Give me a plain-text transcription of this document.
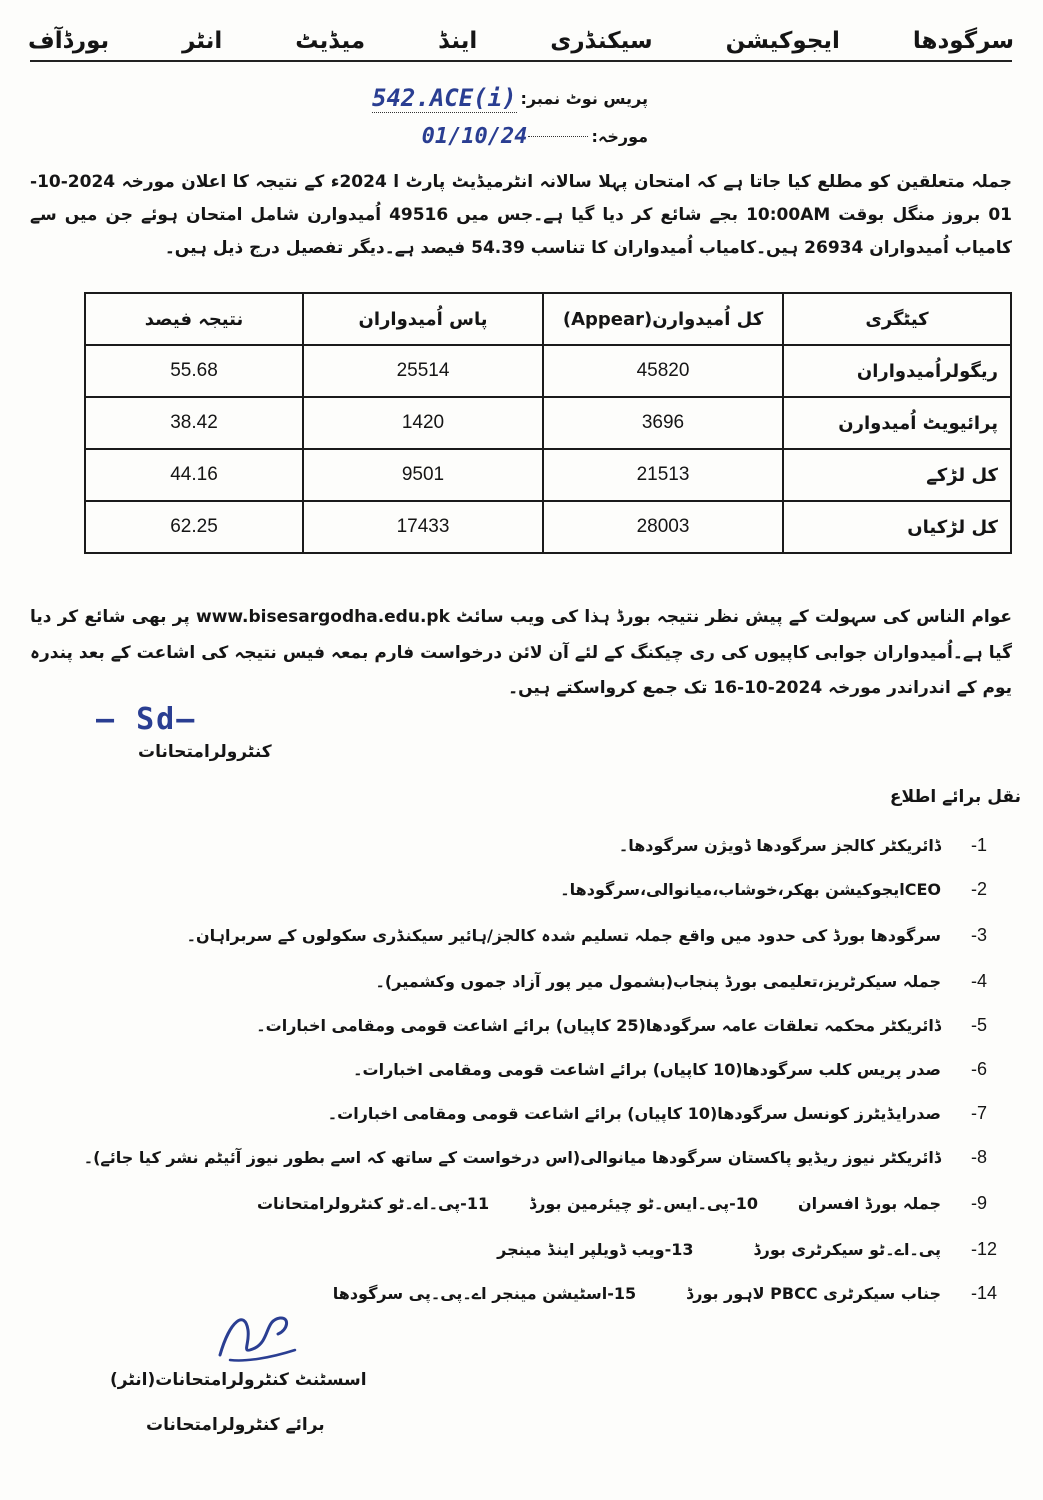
بورڈآف	انٹر	میڈیٹ	اینڈ	سیکنڈری	ایجوکیشن	سرگودھا
پریس نوٹ نمبر:
542.ACE(i)
مورخہ:
01/10/24
جملہ متعلقین کو مطلع کیا جاتا ہے کہ امتحان پہلا سالانہ انٹرمیڈیٹ پارٹ ا 2024ء کے نتیجہ کا اعلان مورخہ 2024-10-01 بروز منگل بوقت 10:00AM بجے شائع کر دیا گیا ہے۔جس میں 49516 اُمیدوارن شامل امتحان ہوئے جن میں سے کامیاب اُمیدواران 26934 ہیں۔کامیاب اُمیدواران کا تناسب 54.39 فیصد ہے۔دیگر تفصیل درج ذیل ہیں۔
کیٹگری	کل اُمیدوارن(Appear)	پاس اُمیدواران	نتیجہ فیصد
ریگولراُمیدواران	45820	25514	55.68
پرائیویٹ اُمیدوارن	3696	1420	38.42
کل لڑکے	21513	9501	44.16
کل لڑکیاں	28003	17433	62.25
عوام الناس کی سہولت کے پیش نظر نتیجہ بورڈ ہذا کی ویب سائٹ www.bisesargodha.edu.pk پر بھی شائع کر دیا گیا ہے۔اُمیدواران جوابی کاپیوں کی ری چیکنگ کے لئے آن لائن درخواست فارم بمعہ فیس نتیجہ کی اشاعت کے بعد پندرہ یوم کے اندراندر مورخہ 2024-10-16 تک جمع کرواسکتے ہیں۔
— Sd—
کنٹرولرامتحانات
نقل برائے اطلاع
-1
ڈائریکٹر کالجز سرگودھا ڈویژن سرگودھا۔
-2
CEOایجوکیشن بھکر،خوشاب،میانوالی،سرگودھا۔
-3
سرگودھا بورڈ کی حدود میں واقع جملہ تسلیم شدہ کالجز/ہائیر سیکنڈری سکولوں کے سربراہان۔
-4
جملہ سیکرٹریز،تعلیمی بورڈ پنجاب(بشمول میر پور آزاد جموں وکشمیر)۔
-5
ڈائریکٹر محکمہ تعلقات عامہ سرگودھا(25 کاپیاں) برائے اشاعت قومی ومقامی اخبارات۔
-6
صدر پریس کلب سرگودھا(10 کاپیاں) برائے اشاعت قومی ومقامی اخبارات۔
-7
صدرایڈیٹرز کونسل سرگودھا(10 کاپیاں) برائے اشاعت قومی ومقامی اخبارات۔
-8
ڈائریکٹر نیوز ریڈیو پاکستان سرگودھا میانوالی(اس درخواست کے ساتھ کہ اسے بطور نیوز آئیٹم نشر کیا جائے)۔
-9
جملہ بورڈ افسران
10-پی۔ایس۔ٹو چیئرمین بورڈ
11-پی۔اے۔ٹو کنٹرولرامتحانات
-12
پی۔اے۔ٹو سیکرٹری بورڈ
13-ویب ڈویلپر اینڈ مینجر
-14
جناب سیکرٹری PBCC لاہور بورڈ
15-اسٹیشن مینجر اے۔پی۔پی سرگودھا
اسسٹنٹ کنٹرولرامتحانات(انٹر)
برائے کنٹرولرامتحانات
